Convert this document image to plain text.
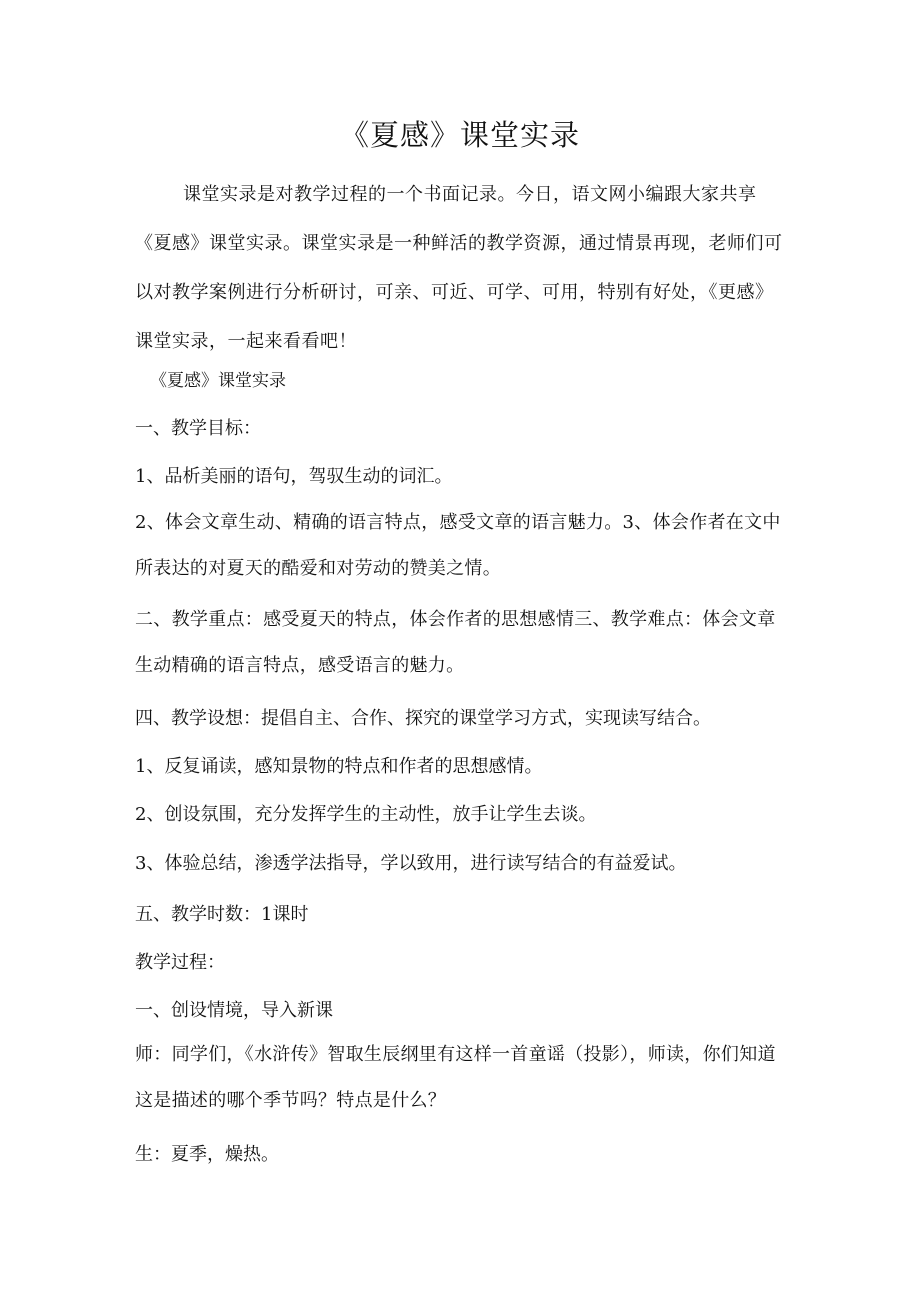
《夏感》课堂实录

课堂实录是对教学过程的一个书面记录。今日，语文网小编跟大家共享《夏感》课堂实录。课堂实录是一种鲜活的教学资源，通过情景再现，老师们可以对教学案例进行分析研讨，可亲、可近、可学、可用，特别有好处，《更感》课堂实录，一起来看看吧！

《夏感》课堂实录

一、教学目标：

1、品析美丽的语句，驾驭生动的词汇。

2、体会文章生动、精确的语言特点，感受文章的语言魅力。3、体会作者在文中所表达的对夏天的酷爱和对劳动的赞美之情。

二、教学重点：感受夏天的特点，体会作者的思想感情三、教学难点：体会文章生动精确的语言特点，感受语言的魅力。

四、教学设想：提倡自主、合作、探究的课堂学习方式，实现读写结合。

1、反复诵读，感知景物的特点和作者的思想感情。

2、创设氛围，充分发挥学生的主动性，放手让学生去谈。

3、体验总结，渗透学法指导，学以致用，进行读写结合的有益爱试。

五、教学时数：1课时

教学过程：

一、创设情境，导入新课

师：同学们，《水浒传》智取生辰纲里有这样一首童谣（投影），师读，你们知道这是描述的哪个季节吗？特点是什么？

生：夏季，燥热。
